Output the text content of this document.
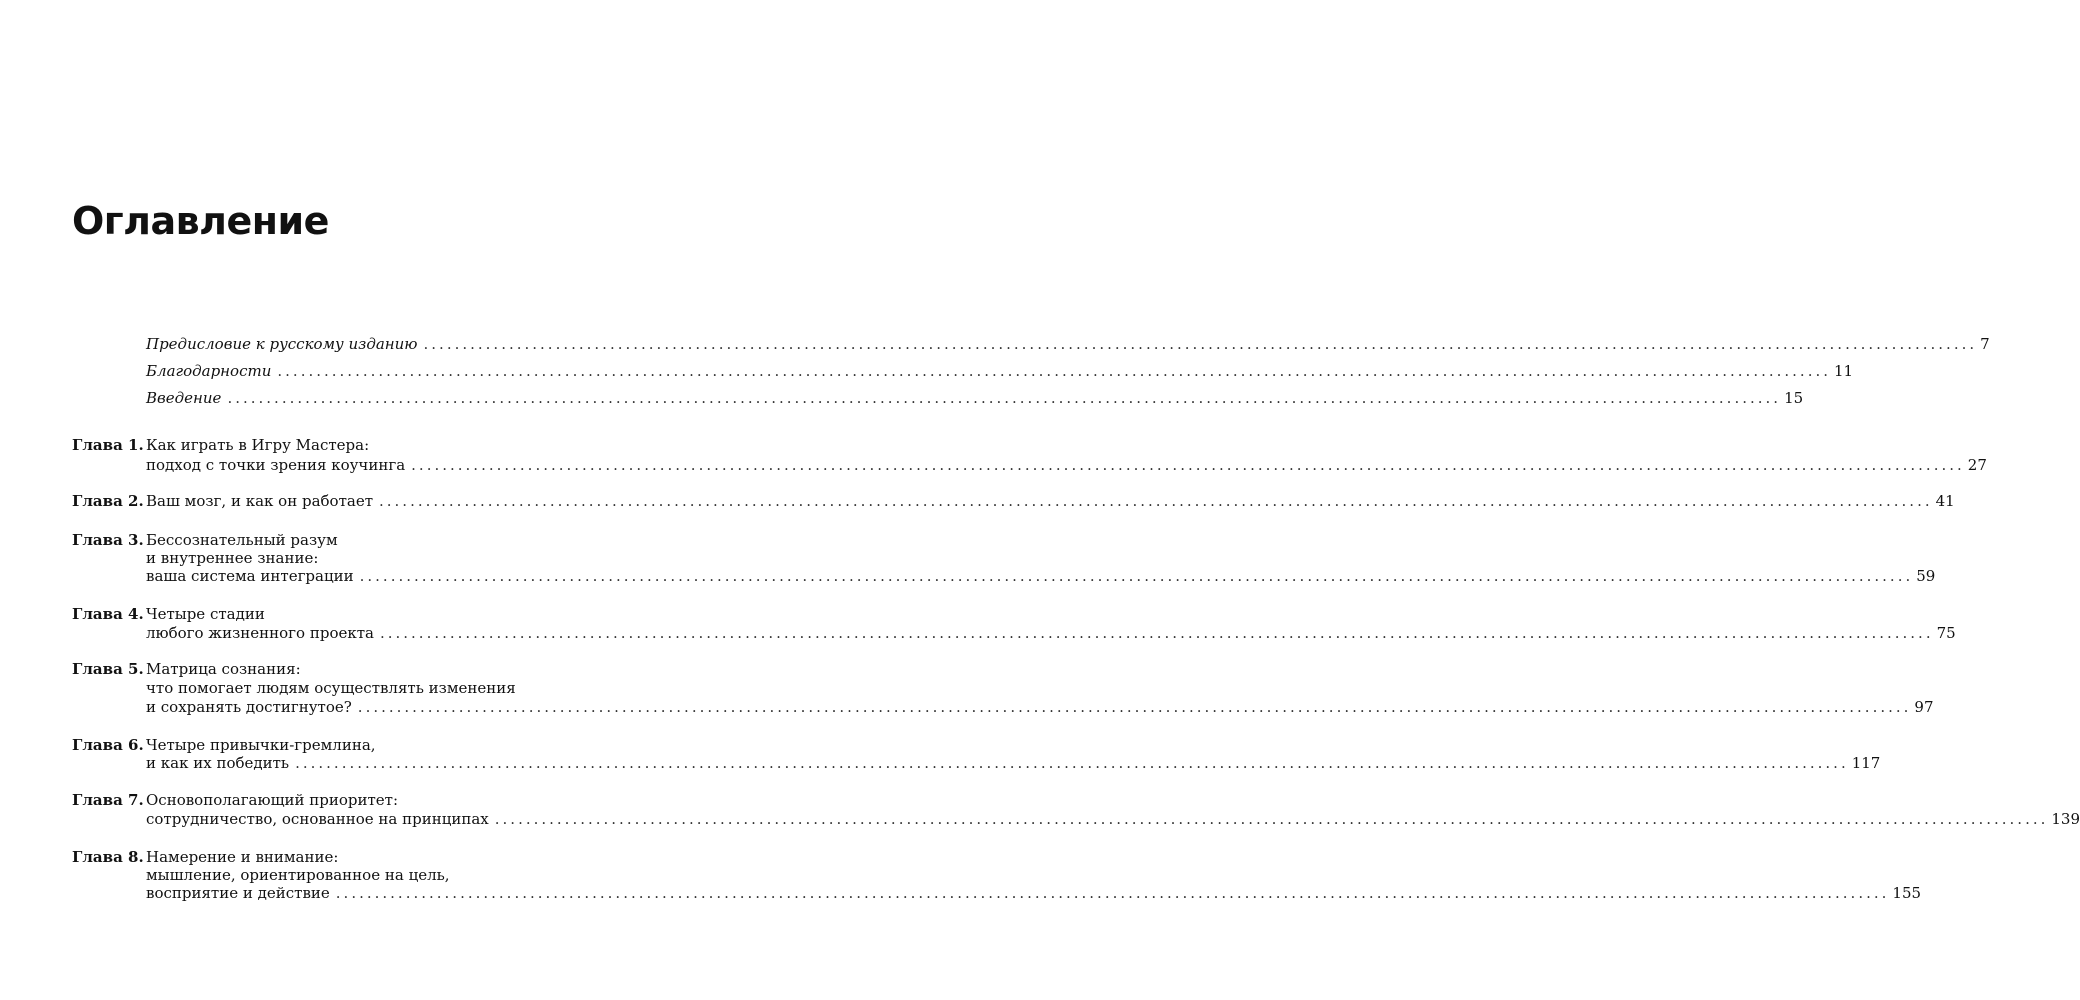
Оглавление
Предисловие к русскому изданию ........................................................................................................................................................................................................ 7
Благодарности ........................................................................................................................................................................................................ 11
Введение ........................................................................................................................................................................................................ 15
Глава 1. Как играть в Игру Мастера:
подход с точки зрения коучинга ........................................................................................................................................................................................................ 27
Глава 2. Ваш мозг, и как он работает ........................................................................................................................................................................................................ 41
Глава 3. Бессознательный разум
и внутреннее знание:
ваша система интеграции ........................................................................................................................................................................................................ 59
Глава 4. Четыре стадии
любого жизненного проекта ........................................................................................................................................................................................................ 75
Глава 5. Матрица сознания:
что помогает людям осуществлять изменения
и сохранять достигнутое? ........................................................................................................................................................................................................ 97
Глава 6. Четыре привычки-гремлина,
и как их победить ........................................................................................................................................................................................................ 117
Глава 7. Основополагающий приоритет:
сотрудничество, основанное на принципах ........................................................................................................................................................................................................ 139
Глава 8. Намерение и внимание:
мышление, ориентированное на цель,
восприятие и действие ........................................................................................................................................................................................................ 155
